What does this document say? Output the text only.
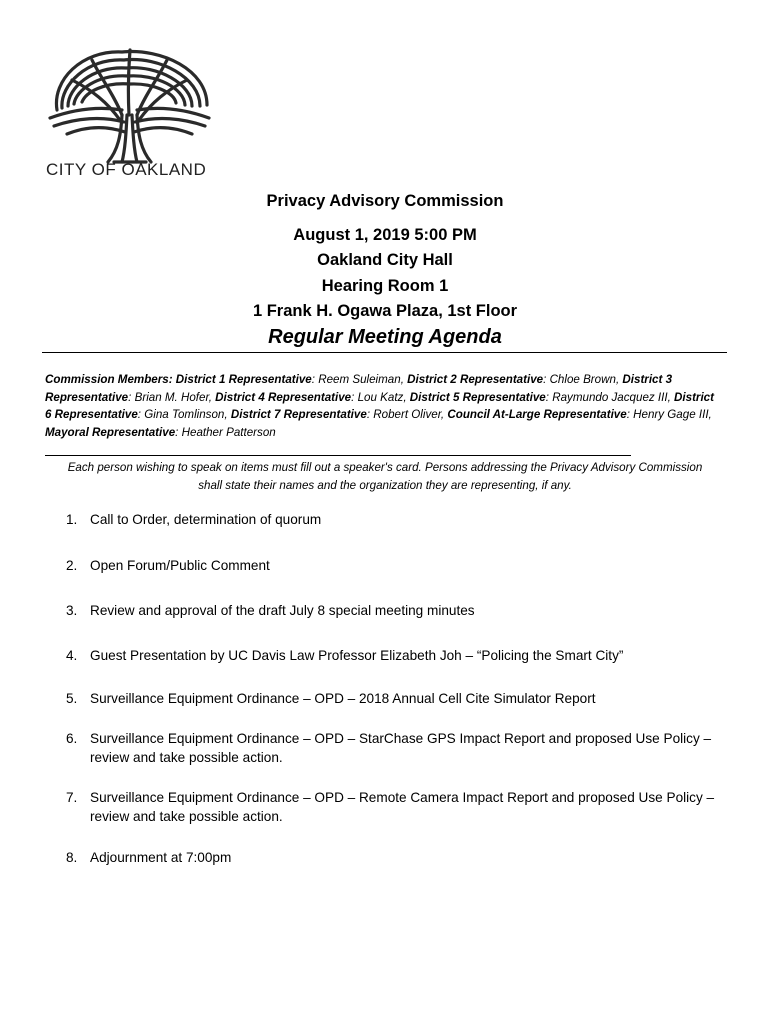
CITY OF OAKLAND
Privacy Advisory Commission
August 1, 2019 5:00 PM
Oakland City Hall
Hearing Room 1
1 Frank H. Ogawa Plaza, 1st Floor
Regular Meeting Agenda
Commission Members: District 1 Representative: Reem Suleiman, District 2 Representative: Chloe Brown, District 3 Representative: Brian M. Hofer, District 4 Representative: Lou Katz, District 5 Representative: Raymundo Jacquez III, District 6 Representative: Gina Tomlinson, District 7 Representative: Robert Oliver, Council At-Large Representative: Henry Gage III, Mayoral Representative: Heather Patterson
Each person wishing to speak on items must fill out a speaker's card. Persons addressing the Privacy Advisory Commission shall state their names and the organization they are representing, if any.
1. Call to Order, determination of quorum
2. Open Forum/Public Comment
3. Review and approval of the draft July 8 special meeting minutes
4. Guest Presentation by UC Davis Law Professor Elizabeth Joh – “Policing the Smart City”
5. Surveillance Equipment Ordinance – OPD – 2018 Annual Cell Cite Simulator Report
6. Surveillance Equipment Ordinance – OPD – StarChase GPS Impact Report and proposed Use Policy – review and take possible action.
7. Surveillance Equipment Ordinance – OPD – Remote Camera Impact Report and proposed Use Policy – review and take possible action.
8. Adjournment at 7:00pm
